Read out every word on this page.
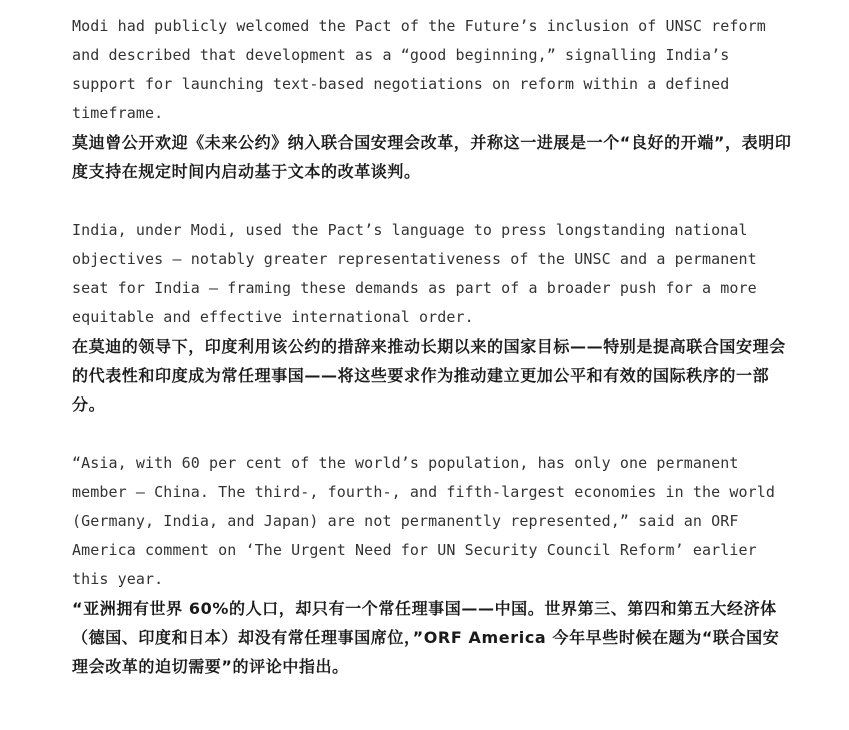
Modi had publicly welcomed the Pact of the Future’s inclusion of UNSC reform and described that development as a “good beginning,” signalling India’s support for launching text-based negotiations on reform within a defined timeframe.

莫迪曾公开欢迎《未来公约》纳入联合国安理会改革，并称这一进展是一个“良好的开端”，表明印度支持在规定时间内启动基于文本的改革谈判。

India, under Modi, used the Pact’s language to press longstanding national objectives — notably greater representativeness of the UNSC and a permanent seat for India — framing these demands as part of a broader push for a more equitable and effective international order.

在莫迪的领导下，印度利用该公约的措辞来推动长期以来的国家目标——特别是提高联合国安理会的代表性和印度成为常任理事国——将这些要求作为推动建立更加公平和有效的国际秩序的一部分。

“Asia, with 60 per cent of the world’s population, has only one permanent member — China. The third-, fourth-, and fifth-largest economies in the world (Germany, India, and Japan) are not permanently represented,” said an ORF America comment on ‘The Urgent Need for UN Security Council Reform’ earlier this year.

“亚洲拥有世界 60%的人口，却只有一个常任理事国——中国。世界第三、第四和第五大经济体（德国、印度和日本）却没有常任理事国席位，”ORF America 今年早些时候在题为“联合国安理会改革的迫切需要”的评论中指出。
